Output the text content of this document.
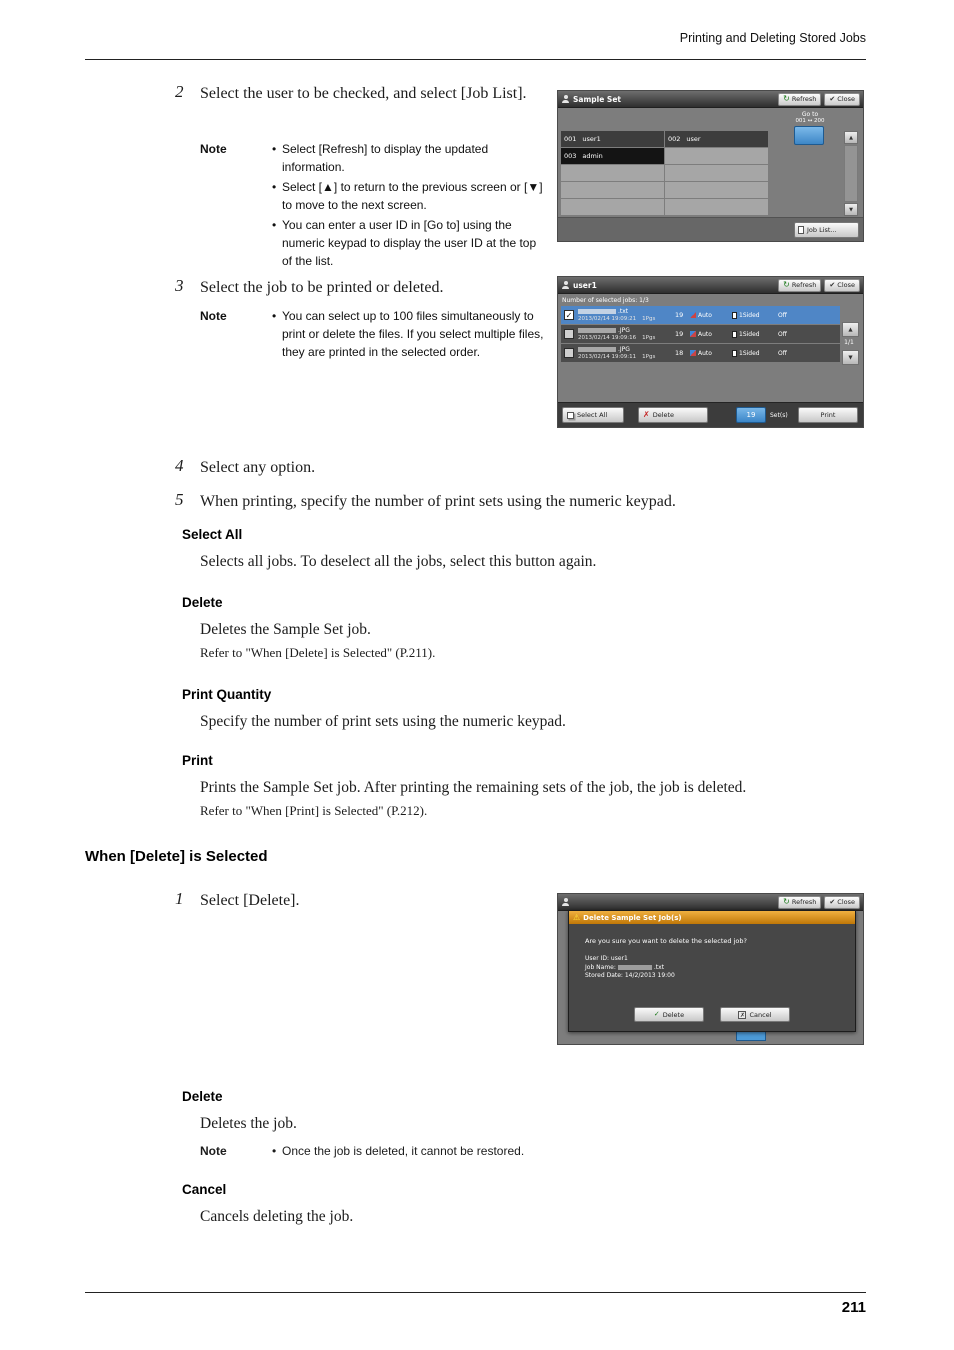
Printing and Deleting Stored Jobs
2 Select the user to be checked, and select [Job List].
Note	• Select [Refresh] to display the updated information.
• Select [▲] to return to the previous screen or [▼] to move to the next screen.
• You can enter a user ID in [Go to] using the numeric keypad to display the user ID at the top of the list.
Sample Set	↻ Refresh ✔ Close
Go to
001 ↔ 200
001 user1	002 user
003 admin
▲
▼
Job List...
3 Select the job to be printed or deleted.
Note	• You can select up to 100 files simultaneously to print or delete the files. If you select multiple files, they are printed in the selected order.
user1	↻ Refresh ✔ Close
Number of selected jobs: 1/3
✓	.txt
2013/02/14 19:09:21 1Pgs	19	Auto	1Sided	Off
.JPG
2013/02/14 19:09:16 1Pgs	19	Auto	1Sided	Off
.JPG
2013/02/14 19:09:11 1Pgs	18	Auto	1Sided	Off
▲
1/1
▼
Select All	✗ Delete	19 Set(s)	Print
4 Select any option.
5 When printing, specify the number of print sets using the numeric keypad.
Select All
Selects all jobs. To deselect all the jobs, select this button again.
Delete
Deletes the Sample Set job.
Refer to "When [Delete] is Selected" (P.211).
Print Quantity
Specify the number of print sets using the numeric keypad.
Print
Prints the Sample Set job. After printing the remaining sets of the job, the job is deleted.
Refer to "When [Print] is Selected" (P.212).
When [Delete] is Selected
1 Select [Delete].	↻ Refresh ✔ Close
⚠ Delete Sample Set Job(s)
Are you sure you want to delete the selected job?
User ID: user1
Job Name:	.txt
Stored Date: 14/2/2013 19:00
✓ Delete	✗ Cancel
Delete
Deletes the job.
Note	• Once the job is deleted, it cannot be restored.
Cancel
Cancels deleting the job.
211
